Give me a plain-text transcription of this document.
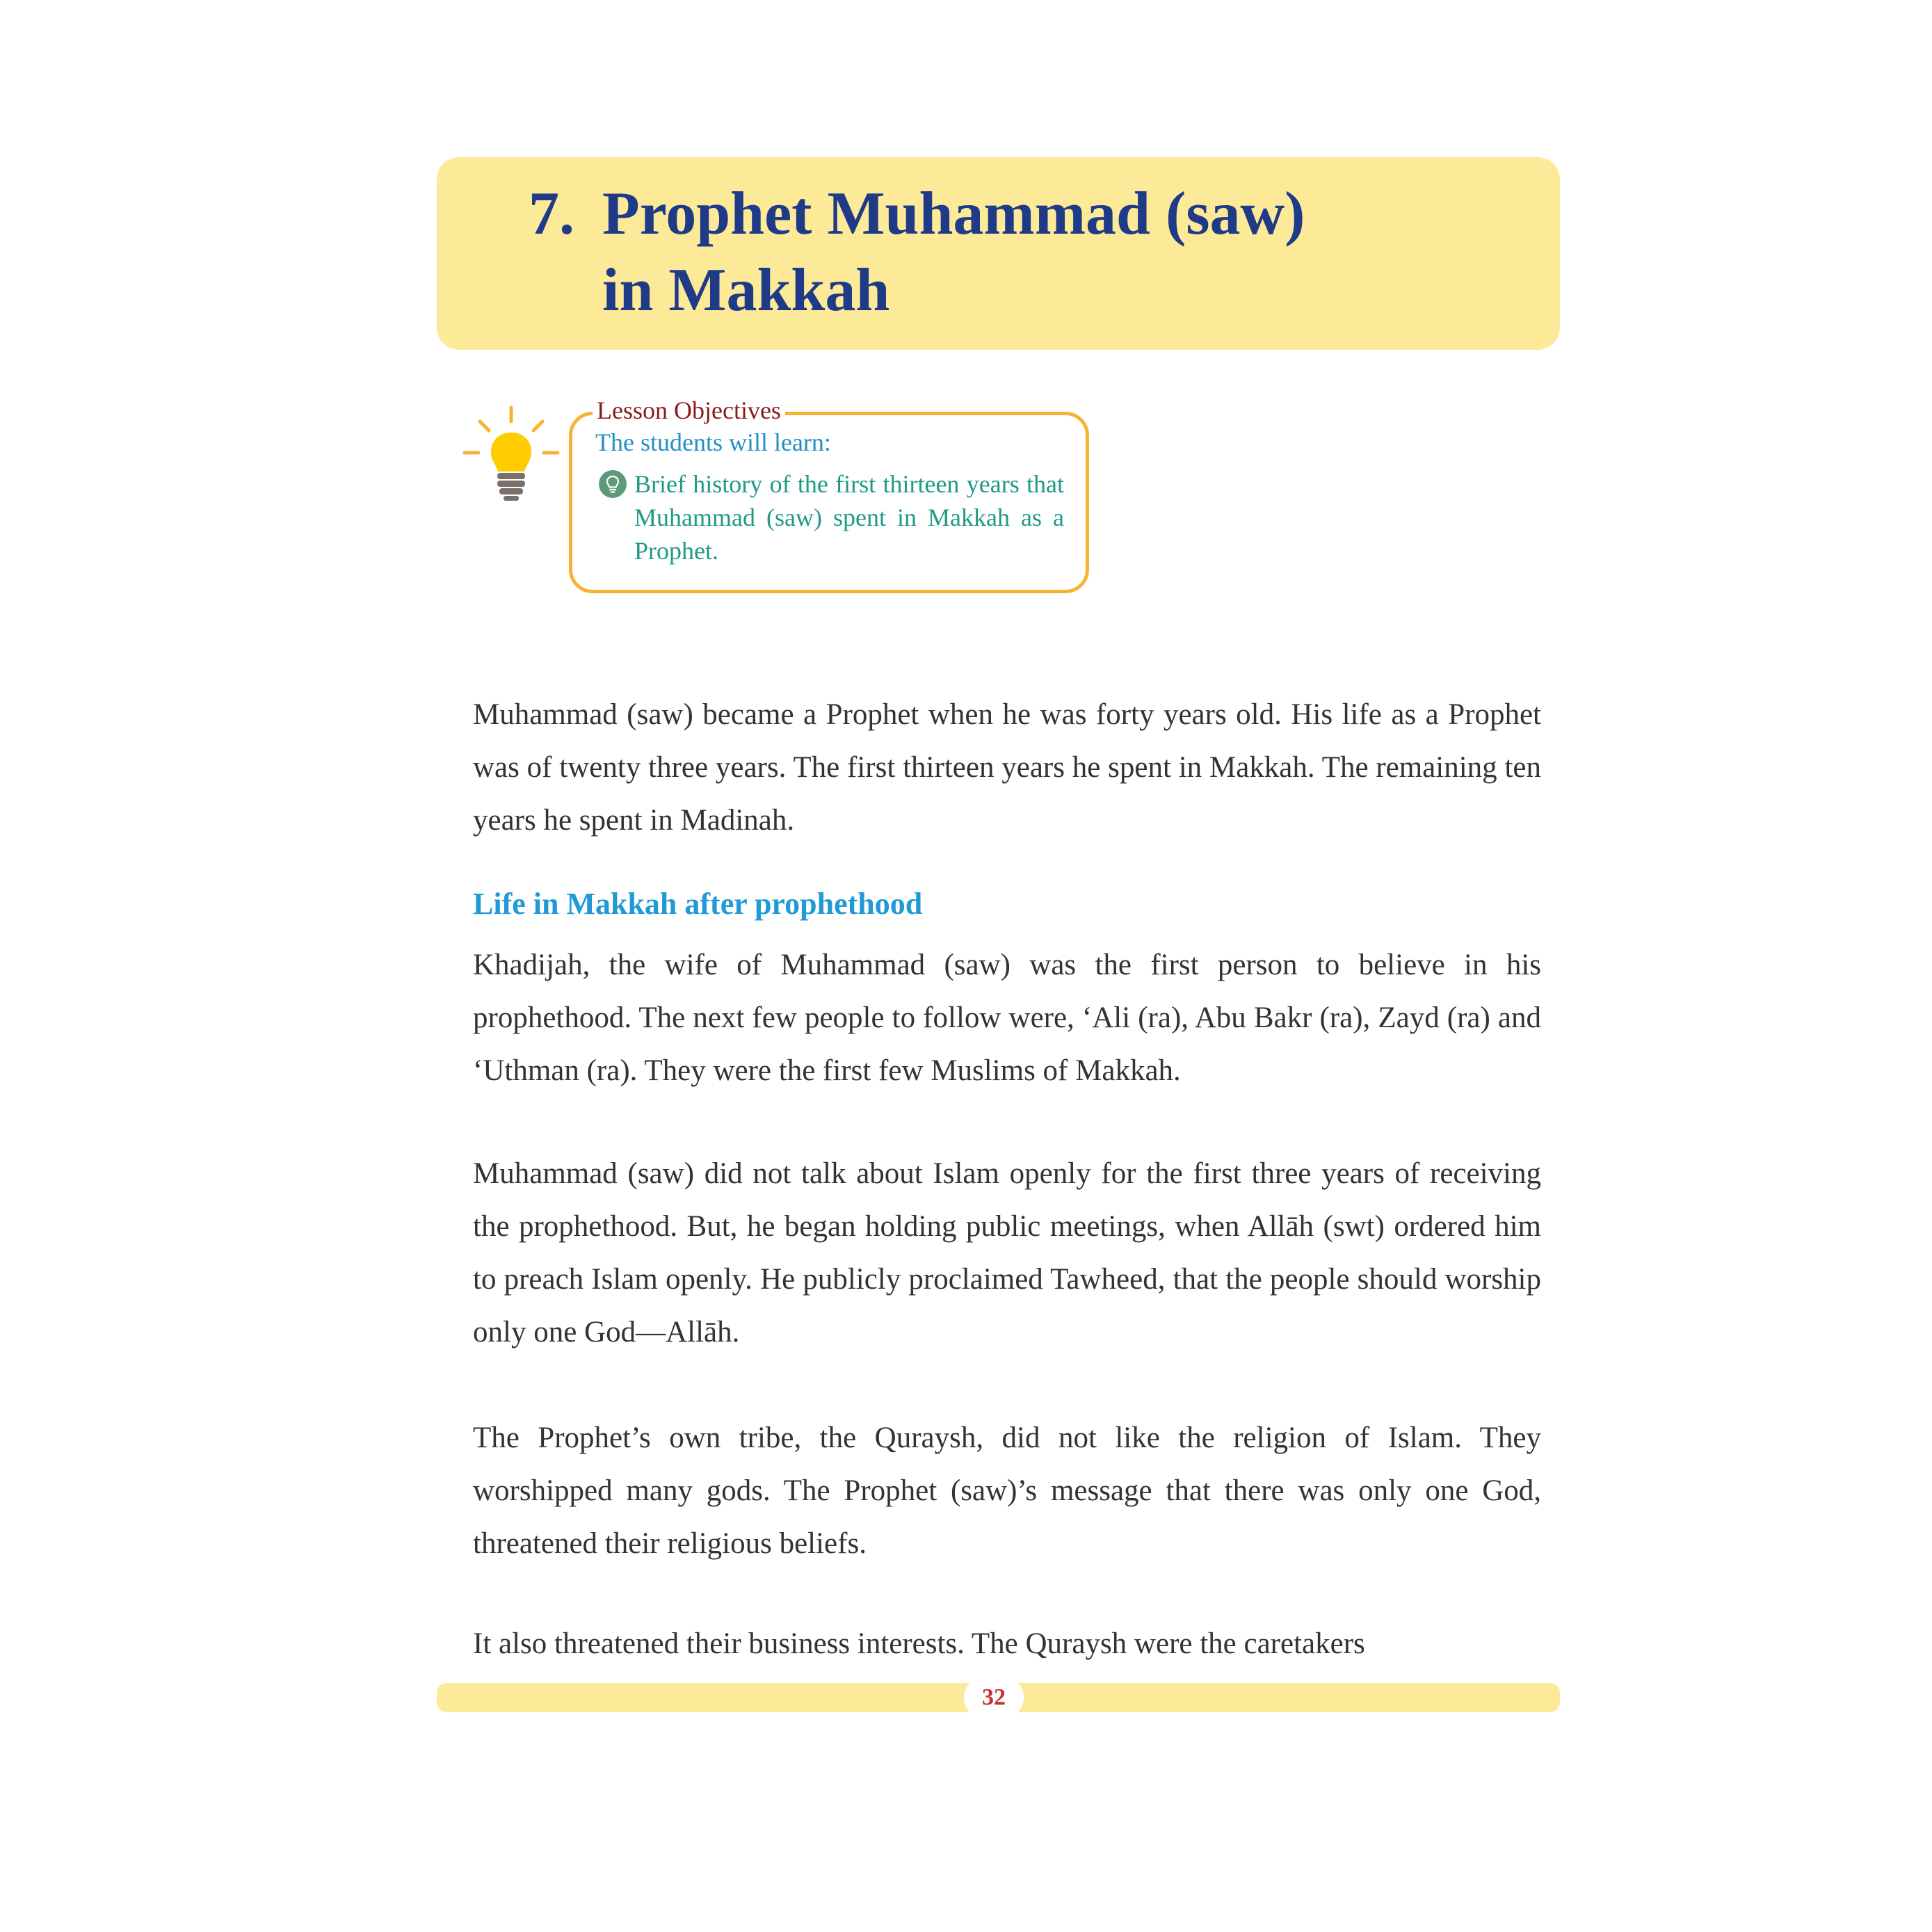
7. Prophet Muhammad (saw)
in Makkah
Lesson Objectives
The students will learn:
Brief history of the first thirteen years that Muhammad (saw) spent in Makkah as a Prophet.
Muhammad (saw) became a Prophet when he was forty years old. His life as a Prophet was of twenty three years. The first thirteen years he spent in Makkah. The remaining ten years he spent in Madinah.
Life in Makkah after prophethood
Khadijah, the wife of Muhammad (saw) was the first person to believe in his prophethood. The next few people to follow were, ‘Ali (ra), Abu Bakr (ra), Zayd (ra) and ‘Uthman (ra). They were the first few Muslims of Makkah.
Muhammad (saw) did not talk about Islam openly for the first three years of receiving the prophethood. But, he began holding public meetings, when Allāh (swt) ordered him to preach Islam openly. He publicly proclaimed Tawheed, that the people should worship only one God—Allāh.
The Prophet’s own tribe, the Quraysh, did not like the religion of Islam. They worshipped many gods. The Prophet (saw)’s message that there was only one God, threatened their religious beliefs.
It also threatened their business interests. The Quraysh were the caretakers
32
